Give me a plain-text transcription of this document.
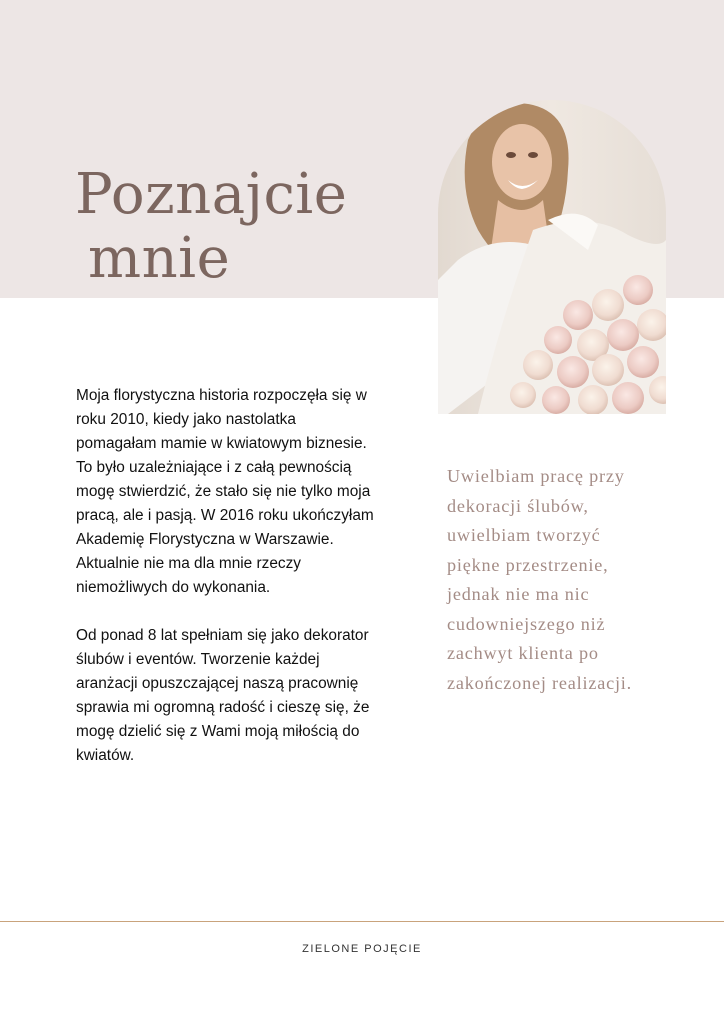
Poznajcie
mnie

Moja florystyczna historia rozpoczęła się w
roku 2010, kiedy jako nastolatka
pomagałam mamie w kwiatowym biznesie.
To było uzależniające i z całą pewnością
mogę stwierdzić, że stało się nie tylko moja
pracą, ale i pasją. W 2016 roku ukończyłam
Akademię Florystyczna w Warszawie.
Aktualnie nie ma dla mnie rzeczy
niemożliwych do wykonania.

Od ponad 8 lat spełniam się jako dekorator
ślubów i eventów. Tworzenie każdej
aranżacji opuszczającej naszą pracownię
sprawia mi ogromną radość i cieszę się, że
mogę dzielić się z Wami moją miłością do
kwiatów.

Uwielbiam pracę przy
dekoracji ślubów,
uwielbiam tworzyć
piękne przestrzenie,
jednak nie ma nic
cudowniejszego niż
zachwyt klienta po
zakończonej realizacji.

ZIELONE POJĘCIE
